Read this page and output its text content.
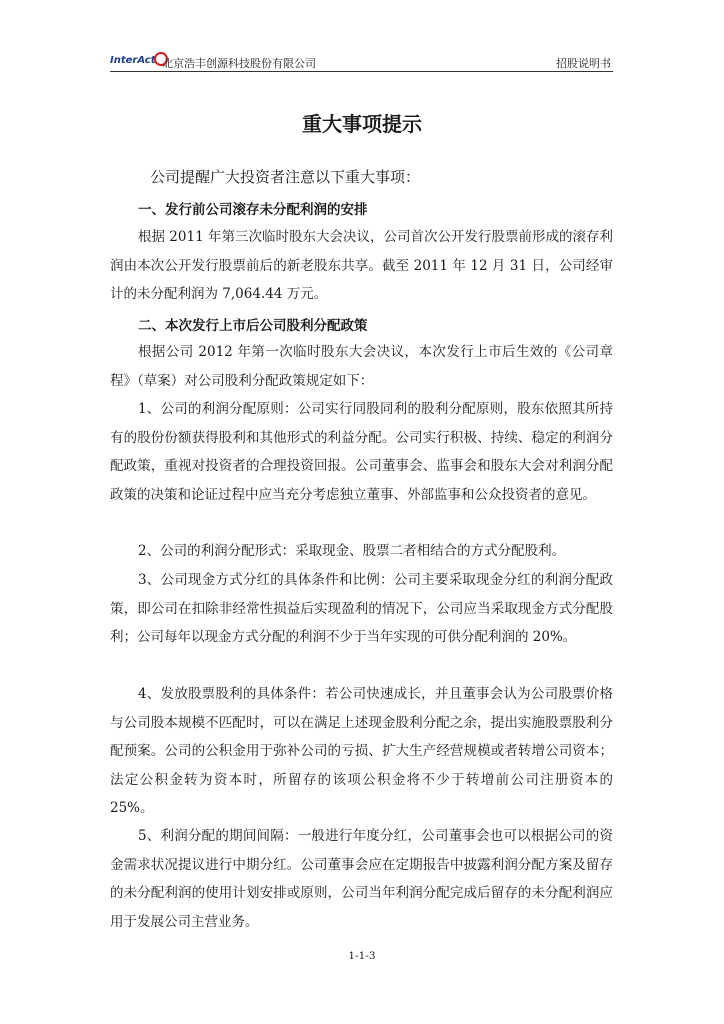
InterAct 北京浩丰创源科技股份有限公司	招股说明书
重大事项提示
公司提醒广大投资者注意以下重大事项：
一、发行前公司滚存未分配利润的安排
根据 2011 年第三次临时股东大会决议，公司首次公开发行股票前形成的滚存利润由本次公开发行股票前后的新老股东共享。截至 2011 年 12 月 31 日，公司经审计的未分配利润为 7,064.44 万元。
二、本次发行上市后公司股利分配政策
根据公司 2012 年第一次临时股东大会决议，本次发行上市后生效的《公司章程》（草案）对公司股利分配政策规定如下：
1、公司的利润分配原则：公司实行同股同利的股利分配原则，股东依照其所持有的股份份额获得股利和其他形式的利益分配。公司实行积极、持续、稳定的利润分配政策，重视对投资者的合理投资回报。公司董事会、监事会和股东大会对利润分配政策的决策和论证过程中应当充分考虑独立董事、外部监事和公众投资者的意见。
2、公司的利润分配形式：采取现金、股票二者相结合的方式分配股利。
3、公司现金方式分红的具体条件和比例：公司主要采取现金分红的利润分配政策，即公司在扣除非经常性损益后实现盈利的情况下，公司应当采取现金方式分配股利；公司每年以现金方式分配的利润不少于当年实现的可供分配利润的 20%。
4、发放股票股利的具体条件：若公司快速成长，并且董事会认为公司股票价格与公司股本规模不匹配时，可以在满足上述现金股利分配之余，提出实施股票股利分配预案。公司的公积金用于弥补公司的亏损、扩大生产经营规模或者转增公司资本；法定公积金转为资本时，所留存的该项公积金将不少于转增前公司注册资本的 25%。
5、利润分配的期间间隔：一般进行年度分红，公司董事会也可以根据公司的资金需求状况提议进行中期分红。公司董事会应在定期报告中披露利润分配方案及留存的未分配利润的使用计划安排或原则，公司当年利润分配完成后留存的未分配利润应用于发展公司主营业务。
1-1-3
